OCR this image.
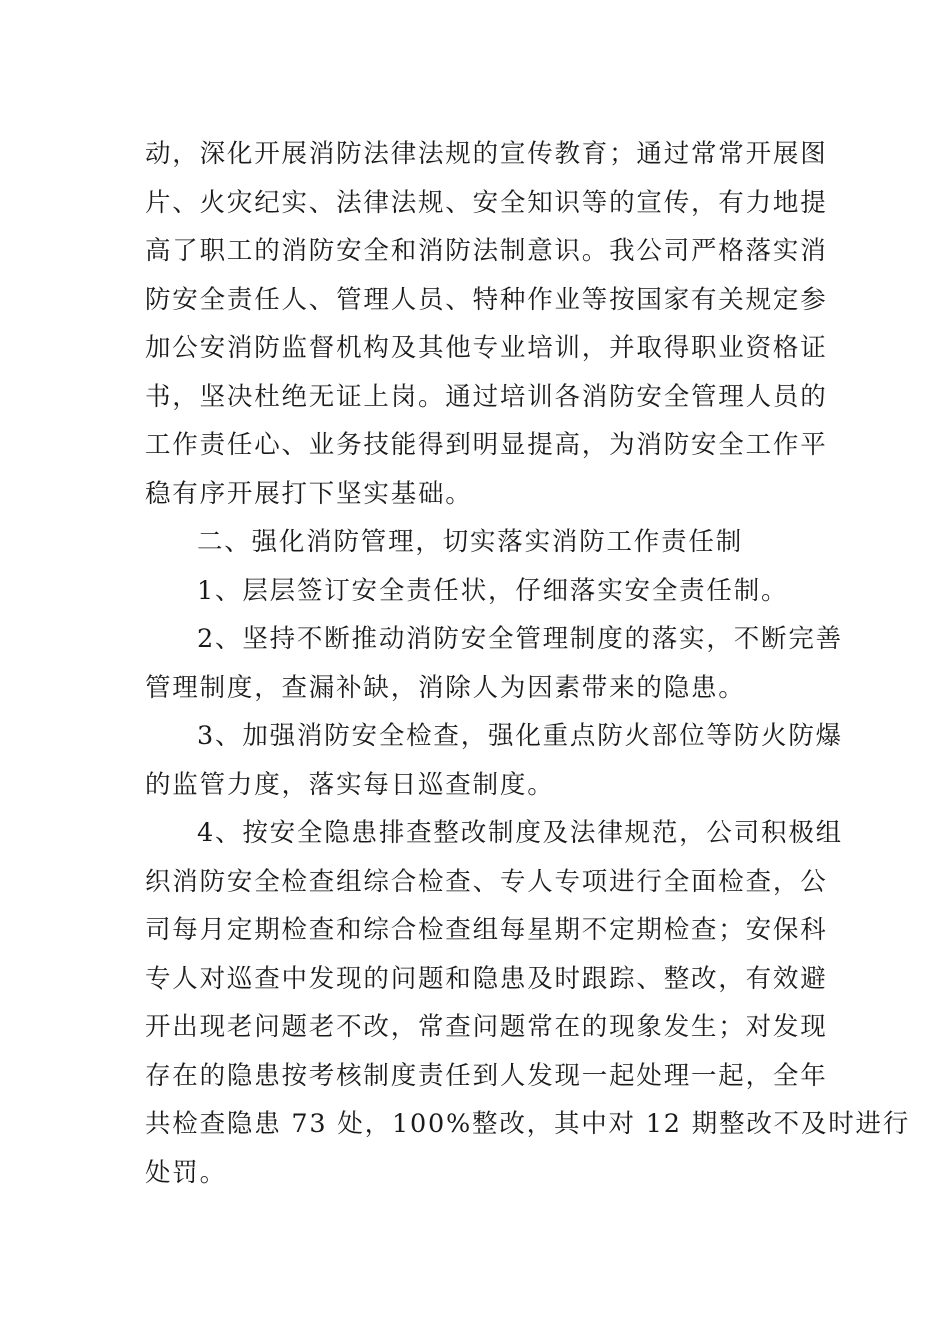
动，深化开展消防法律法规的宣传教育；通过常常开展图
片、火灾纪实、法律法规、安全知识等的宣传，有力地提
高了职工的消防安全和消防法制意识。我公司严格落实消
防安全责任人、管理人员、特种作业等按国家有关规定参
加公安消防监督机构及其他专业培训，并取得职业资格证
书，坚决杜绝无证上岗。通过培训各消防安全管理人员的
工作责任心、业务技能得到明显提高，为消防安全工作平
稳有序开展打下坚实基础。
二、强化消防管理，切实落实消防工作责任制
1、层层签订安全责任状，仔细落实安全责任制。
2、坚持不断推动消防安全管理制度的落实，不断完善
管理制度，查漏补缺，消除人为因素带来的隐患。
3、加强消防安全检查，强化重点防火部位等防火防爆
的监管力度，落实每日巡查制度。
4、按安全隐患排查整改制度及法律规范，公司积极组
织消防安全检查组综合检查、专人专项进行全面检查，公
司每月定期检查和综合检查组每星期不定期检查；安保科
专人对巡查中发现的问题和隐患及时跟踪、整改，有效避
开出现老问题老不改，常查问题常在的现象发生；对发现
存在的隐患按考核制度责任到人发现一起处理一起，全年
共检查隐患 73 处，100%整改，其中对 12 期整改不及时进行
处罚。
